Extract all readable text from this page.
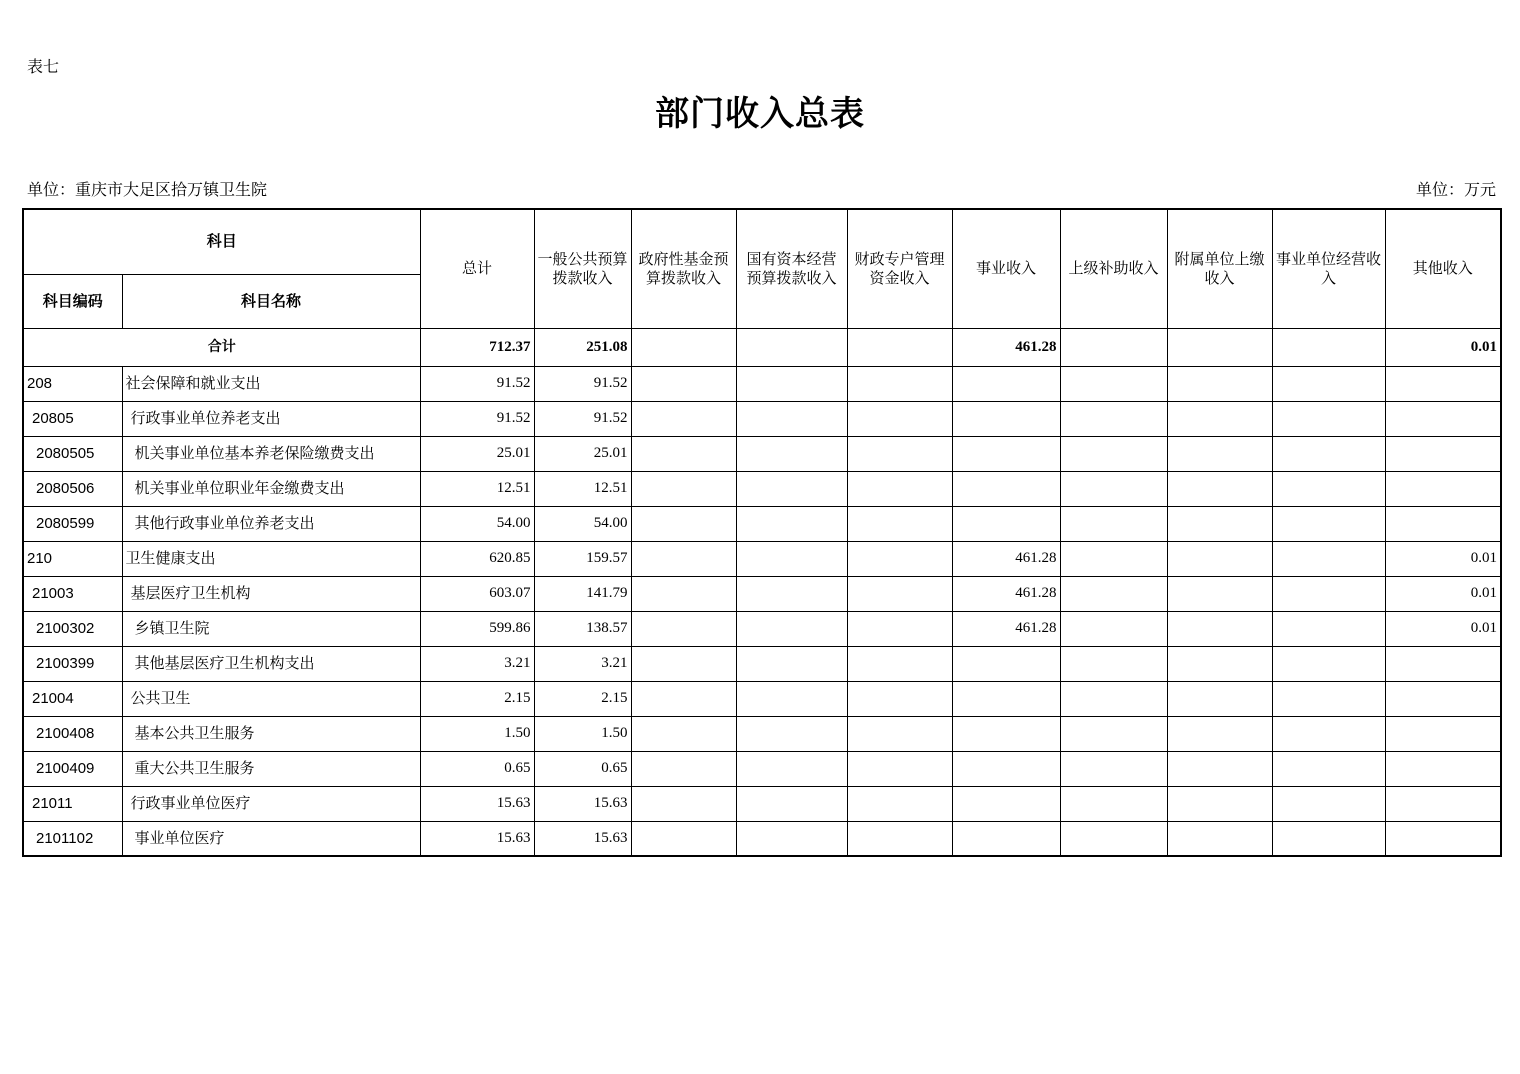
表七
部门收入总表
单位：重庆市大足区拾万镇卫生院	单位：万元
科目		总计	一般公共预算拨款收入	政府性基金预算拨款收入	国有资本经营预算拨款收入	财政专户管理资金收入	事业收入	上级补助收入	附属单位上缴收入	事业单位经营收入	其他收入
科目编码	科目名称										
合计		712.37	251.08				461.28				0.01
208	社会保障和就业支出	91.52	91.52								
20805	行政事业单位养老支出	91.52	91.52								
2080505	机关事业单位基本养老保险缴费支出	25.01	25.01								
2080506	机关事业单位职业年金缴费支出	12.51	12.51								
2080599	其他行政事业单位养老支出	54.00	54.00								
210	卫生健康支出	620.85	159.57				461.28				0.01
21003	基层医疗卫生机构	603.07	141.79				461.28				0.01
2100302	乡镇卫生院	599.86	138.57				461.28				0.01
2100399	其他基层医疗卫生机构支出	3.21	3.21								
21004	公共卫生	2.15	2.15								
2100408	基本公共卫生服务	1.50	1.50								
2100409	重大公共卫生服务	0.65	0.65								
21011	行政事业单位医疗	15.63	15.63								
2101102	事业单位医疗	15.63	15.63								
